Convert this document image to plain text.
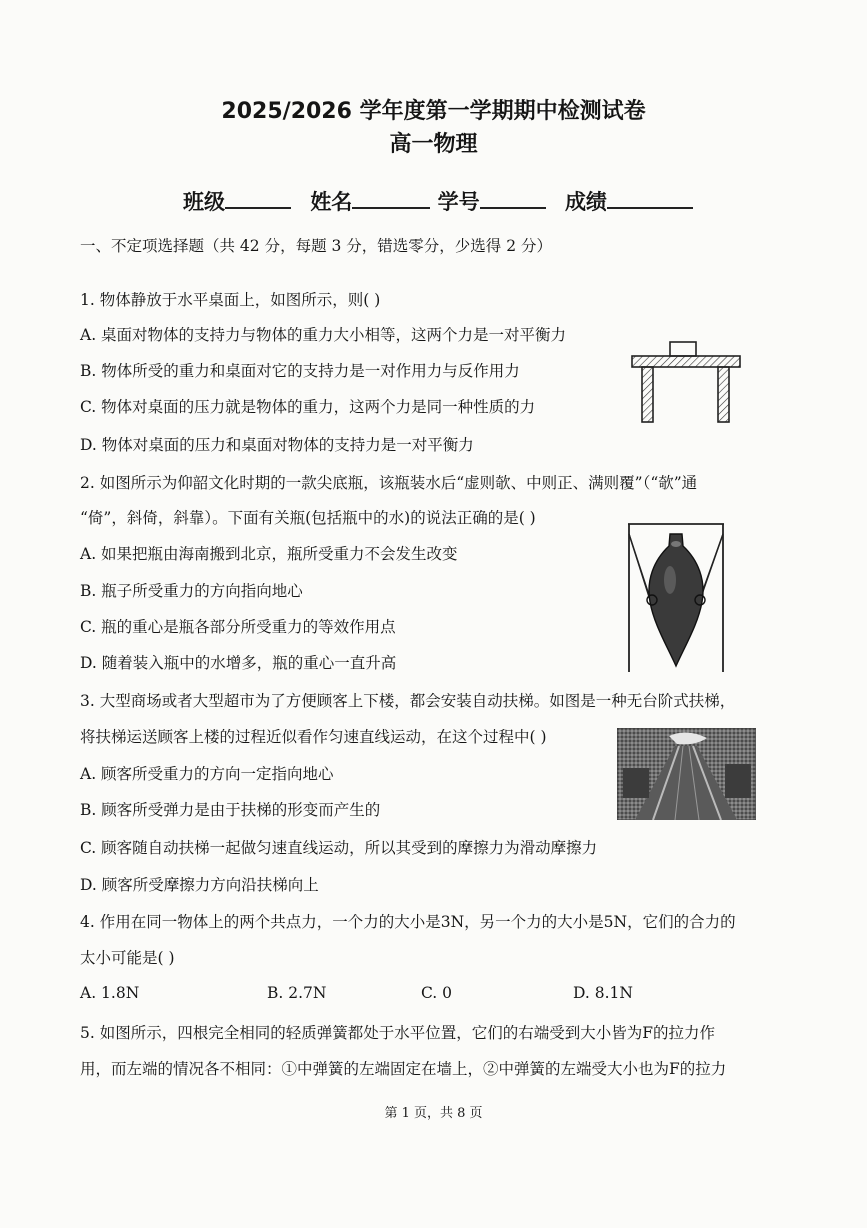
2025/2026 学年度第一学期期中检测试卷
高一物理
班级	姓名	学号	成绩
一、不定项选择题（共 42 分，每题 3 分，错选零分，少选得 2 分）
1. 物体静放于水平桌面上，如图所示，则( )
A. 桌面对物体的支持力与物体的重力大小相等，这两个力是一对平衡力
B. 物体所受的重力和桌面对它的支持力是一对作用力与反作用力
C. 物体对桌面的压力就是物体的重力，这两个力是同一种性质的力
D. 物体对桌面的压力和桌面对物体的支持力是一对平衡力
2. 如图所示为仰韶文化时期的一款尖底瓶，该瓶装水后“虚则欹、中则正、满则覆”（“欹”通
“倚”，斜倚，斜靠）。下面有关瓶(包括瓶中的水)的说法正确的是( )
A. 如果把瓶由海南搬到北京，瓶所受重力不会发生改变
B. 瓶子所受重力的方向指向地心
C. 瓶的重心是瓶各部分所受重力的等效作用点
D. 随着装入瓶中的水增多，瓶的重心一直升高
3. 大型商场或者大型超市为了方便顾客上下楼，都会安装自动扶梯。如图是一种无台阶式扶梯，
将扶梯运送顾客上楼的过程近似看作匀速直线运动，在这个过程中( )
A. 顾客所受重力的方向一定指向地心
B. 顾客所受弹力是由于扶梯的形变而产生的
C. 顾客随自动扶梯一起做匀速直线运动，所以其受到的摩擦力为滑动摩擦力
D. 顾客所受摩擦力方向沿扶梯向上
4. 作用在同一物体上的两个共点力，一个力的大小是3N，另一个力的大小是5N，它们的合力的
太小可能是( )
A. 1.8N	B. 2.7N	C. 0	D. 8.1N
5. 如图所示，四根完全相同的轻质弹簧都处于水平位置，它们的右端受到大小皆为F的拉力作
用，而左端的情况各不相同：①中弹簧的左端固定在墙上，②中弹簧的左端受大小也为F的拉力
第 1 页，共 8 页
